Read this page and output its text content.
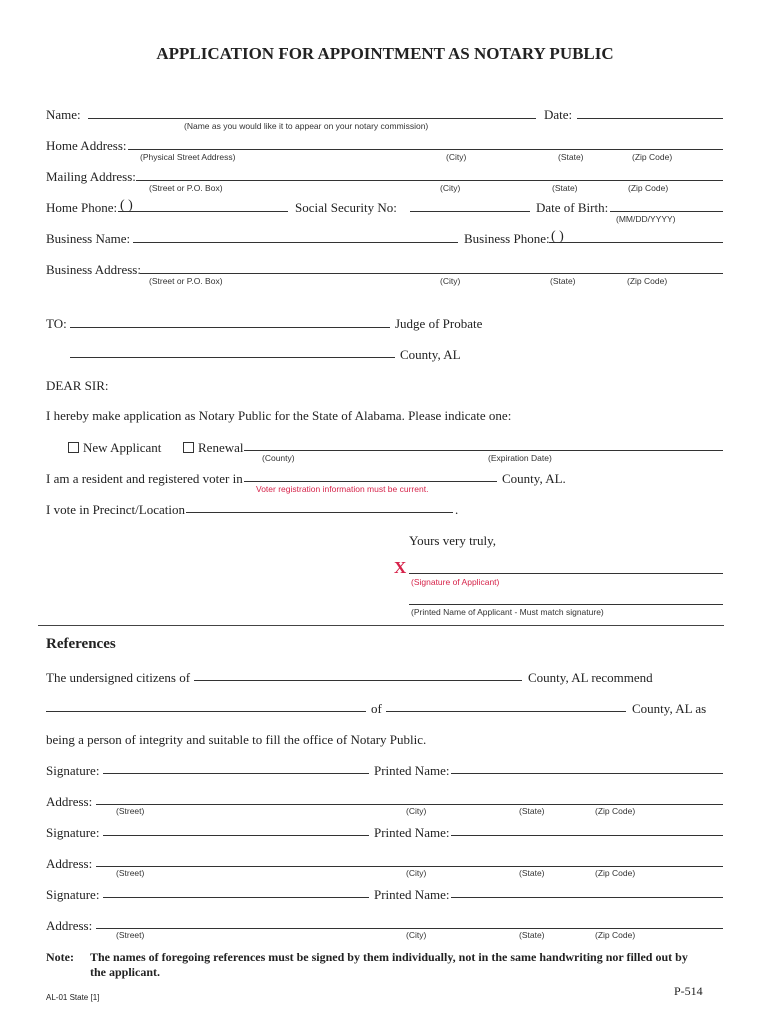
APPLICATION FOR APPOINTMENT AS NOTARY PUBLIC
Name:
(Name as you would like it to appear on your notary commission)
Date:
Home Address:
(Physical Street Address)	(City)	(State)	(Zip Code)
Mailing Address:
(Street or P.O. Box)	(City)	(State)	(Zip Code)
Home Phone: ( )	Social Security No:	Date of Birth:
(MM/DD/YYYY)
Business Name:	Business Phone: ( )
Business Address:
(Street or P.O. Box)	(City)	(State)	(Zip Code)
TO:	Judge of Probate
County, AL
DEAR SIR:
I hereby make application as Notary Public for the State of Alabama. Please indicate one:
New Applicant	Renewal
(County)	(Expiration Date)
I am a resident and registered voter in	County, AL.
Voter registration information must be current.
I vote in Precinct/Location	.
Yours very truly,
X
(Signature of Applicant)
(Printed Name of Applicant - Must match signature)
References
The undersigned citizens of	County, AL recommend
of	County, AL as
being a person of integrity and suitable to fill the office of Notary Public.
Signature:	Printed Name:
Address:
(Street)	(City)	(State)	(Zip Code)
Signature:	Printed Name:
Address:
(Street)	(City)	(State)	(Zip Code)
Signature:	Printed Name:
Address:
(Street)	(City)	(State)	(Zip Code)
Note: The names of foregoing references must be signed by them individually, not in the same handwriting nor filled out by
the applicant.
AL-01 State [1]	P-514
